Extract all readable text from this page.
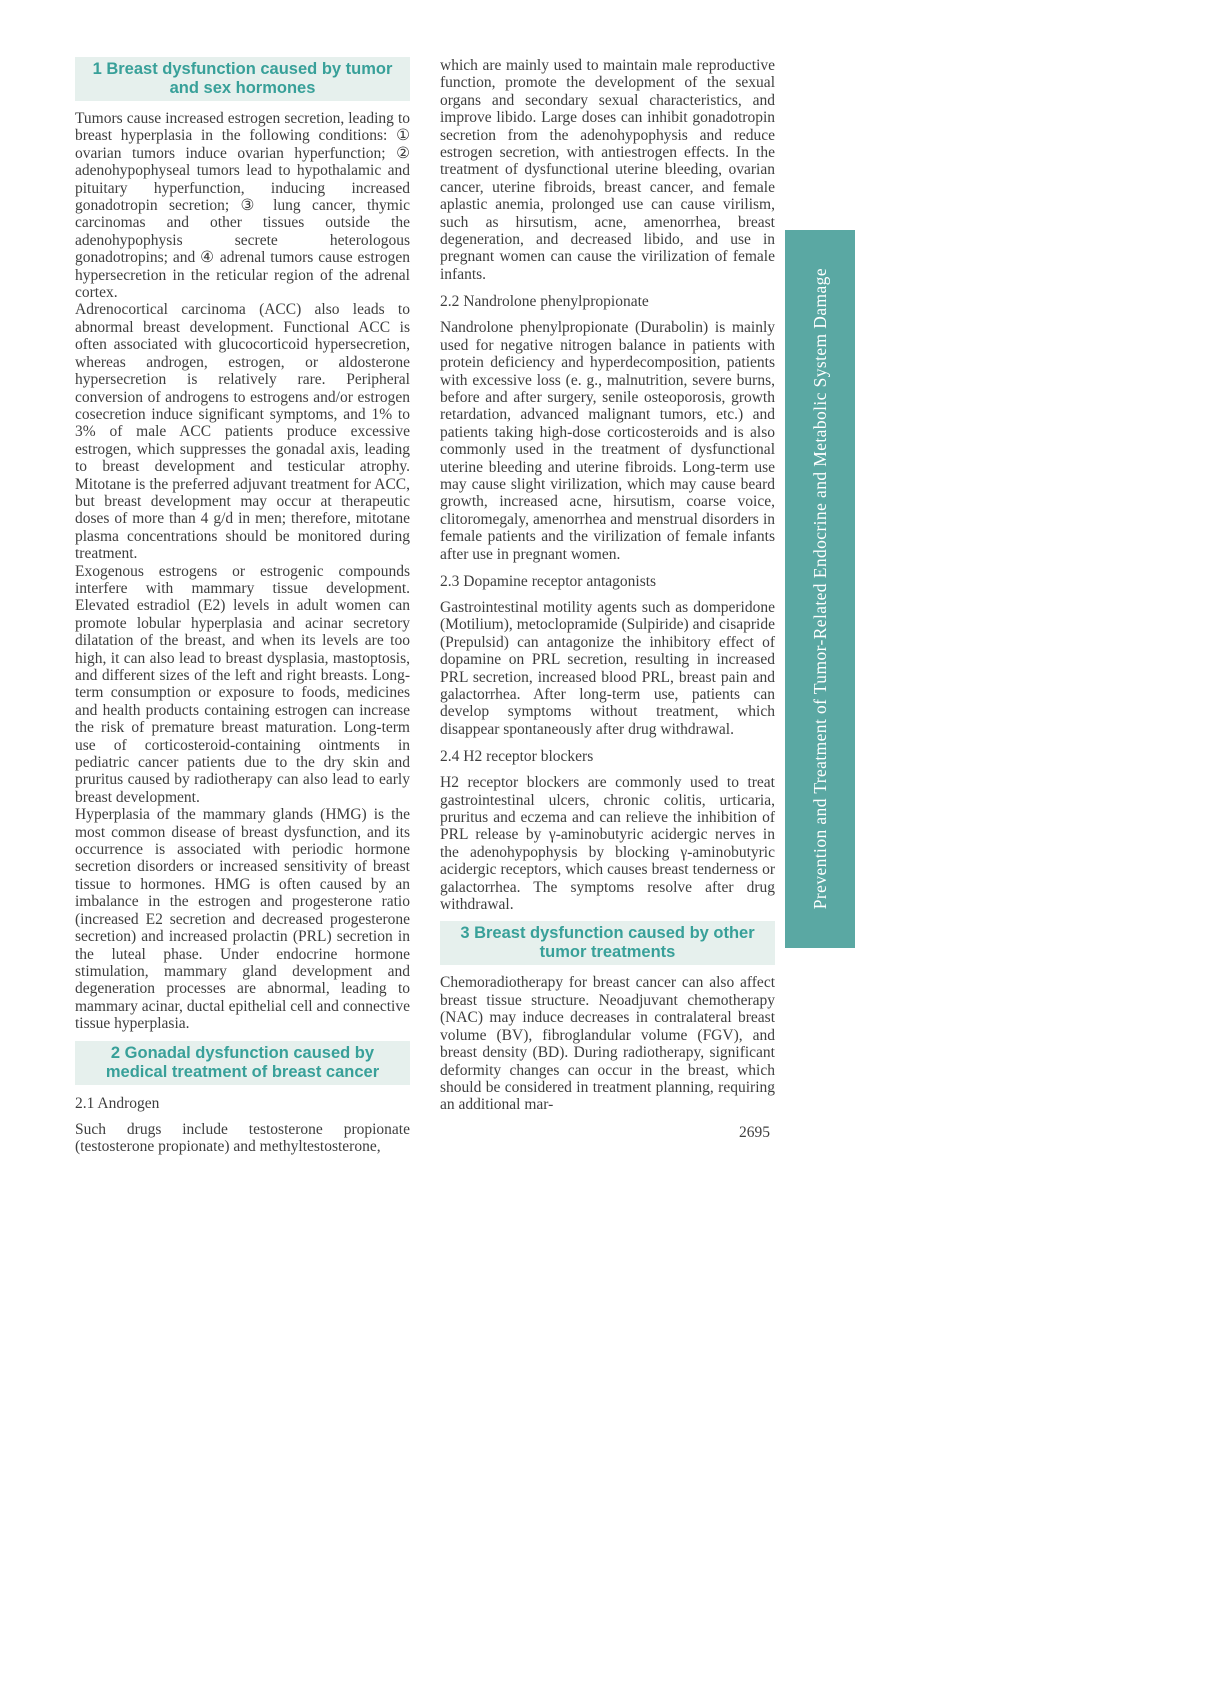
1 Breast dysfunction caused by tumor and sex hormones

Tumors cause increased estrogen secretion, leading to breast hyperplasia in the following conditions: ① ovarian tumors induce ovarian hyperfunction; ② adenohypophyseal tumors lead to hypothalamic and pituitary hyperfunction, inducing increased gonadotropin secretion; ③ lung cancer, thymic carcinomas and other tissues outside the adenohypophysis secrete heterologous gonadotropins; and ④ adrenal tumors cause estrogen hypersecretion in the reticular region of the adrenal cortex.

Adrenocortical carcinoma (ACC) also leads to abnormal breast development. Functional ACC is often associated with glucocorticoid hypersecretion, whereas androgen, estrogen, or aldosterone hypersecretion is relatively rare. Peripheral conversion of androgens to estrogens and/or estrogen cosecretion induce significant symptoms, and 1% to 3% of male ACC patients produce excessive estrogen, which suppresses the gonadal axis, leading to breast development and testicular atrophy. Mitotane is the preferred adjuvant treatment for ACC, but breast development may occur at therapeutic doses of more than 4 g/d in men; therefore, mitotane plasma concentrations should be monitored during treatment.

Exogenous estrogens or estrogenic compounds interfere with mammary tissue development. Elevated estradiol (E2) levels in adult women can promote lobular hyperplasia and acinar secretory dilatation of the breast, and when its levels are too high, it can also lead to breast dysplasia, mastoptosis, and different sizes of the left and right breasts. Long-term consumption or exposure to foods, medicines and health products containing estrogen can increase the risk of premature breast maturation. Long-term use of corticosteroid-containing ointments in pediatric cancer patients due to the dry skin and pruritus caused by radiotherapy can also lead to early breast development.

Hyperplasia of the mammary glands (HMG) is the most common disease of breast dysfunction, and its occurrence is associated with periodic hormone secretion disorders or increased sensitivity of breast tissue to hormones. HMG is often caused by an imbalance in the estrogen and progesterone ratio (increased E2 secretion and decreased progesterone secretion) and increased prolactin (PRL) secretion in the luteal phase. Under endocrine hormone stimulation, mammary gland development and degeneration processes are abnormal, leading to mammary acinar, ductal epithelial cell and connective tissue hyperplasia.

2 Gonadal dysfunction caused by medical treatment of breast cancer
2.1 Androgen

Such drugs include testosterone propionate (testosterone propionate) and methyltestosterone,

which are mainly used to maintain male reproductive function, promote the development of the sexual organs and secondary sexual characteristics, and improve libido. Large doses can inhibit gonadotropin secretion from the adenohypophysis and reduce estrogen secretion, with antiestrogen effects. In the treatment of dysfunctional uterine bleeding, ovarian cancer, uterine fibroids, breast cancer, and female aplastic anemia, prolonged use can cause virilism, such as hirsutism, acne, amenorrhea, breast degeneration, and decreased libido, and use in pregnant women can cause the virilization of female infants.

2.2 Nandrolone phenylpropionate

Nandrolone phenylpropionate (Durabolin) is mainly used for negative nitrogen balance in patients with protein deficiency and hyperdecomposition, patients with excessive loss (e. g., malnutrition, severe burns, before and after surgery, senile osteoporosis, growth retardation, advanced malignant tumors, etc.) and patients taking high-dose corticosteroids and is also commonly used in the treatment of dysfunctional uterine bleeding and uterine fibroids. Long-term use may cause slight virilization, which may cause beard growth, increased acne, hirsutism, coarse voice, clitoromegaly, amenorrhea and menstrual disorders in female patients and the virilization of female infants after use in pregnant women.

2.3 Dopamine receptor antagonists

Gastrointestinal motility agents such as domperidone (Motilium), metoclopramide (Sulpiride) and cisapride (Prepulsid) can antagonize the inhibitory effect of dopamine on PRL secretion, resulting in increased PRL secretion, increased blood PRL, breast pain and galactorrhea. After long-term use, patients can develop symptoms without treatment, which disappear spontaneously after drug withdrawal.

2.4 H2 receptor blockers

H2 receptor blockers are commonly used to treat gastrointestinal ulcers, chronic colitis, urticaria, pruritus and eczema and can relieve the inhibition of PRL release by γ-aminobutyric acidergic nerves in the adenohypophysis by blocking γ-aminobutyric acidergic receptors, which causes breast tenderness or galactorrhea. The symptoms resolve after drug withdrawal.

3 Breast dysfunction caused by other tumor treatments

Chemoradiotherapy for breast cancer can also affect breast tissue structure. Neoadjuvant chemotherapy (NAC) may induce decreases in contralateral breast volume (BV), fibroglandular volume (FGV), and breast density (BD). During radiotherapy, significant deformity changes can occur in the breast, which should be considered in treatment planning, requiring an additional mar-

Prevention and Treatment of Tumor-Related Endocrine and Metabolic System Damage
2695
